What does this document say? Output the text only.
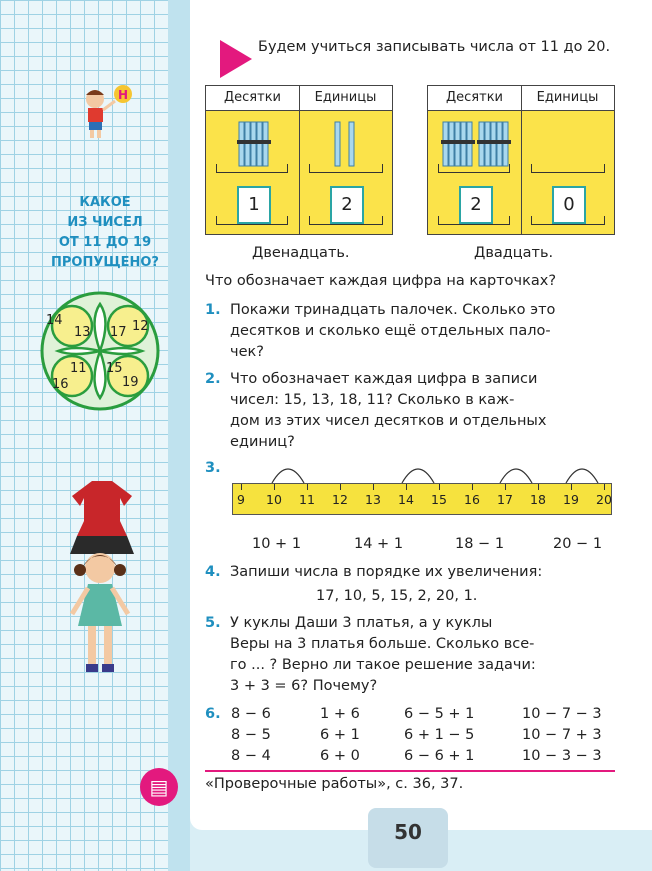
50
Н
КАКОЕ
ИЗ ЧИСЕЛ
ОТ 11 ДО 19
ПРОПУЩЕНО?
14
13 17 12
11 15
16	19
▤
Будем учиться записывать числа от 11 до 20.
Десятки	Единицы
1	2
Двенадцать.
Десятки	Единицы
2	0
Двадцать.
Что обозначает каждая цифра на карточках?
1. Покажи тринадцать палочек. Сколько это
десятков и сколько ещё отдельных пало-
чек?
2. Что обозначает каждая цифра в записи
чисел: 15, 13, 18, 11? Сколько в каж-
дом из этих чисел десятков и отдельных
единиц?
3.
9	10	11	12	13	14	15	16	17	18	19	20
10 + 1	14 + 1	18 − 1	20 − 1
4. Запиши числа в порядке их увеличения:
17, 10, 5, 15, 2, 20, 1.
5. У куклы Даши 3 платья, а у куклы
Веры на 3 платья больше. Сколько все-
го ... ? Верно ли такое решение задачи:
3 + 3 = 6? Почему?
6. 8 − 6	1 + 6	6 − 5 + 1	10 − 7 − 3
8 − 5	6 + 1	6 + 1 − 5	10 − 7 + 3
8 − 4	6 + 0	6 − 6 + 1	10 − 3 − 3
«Проверочные работы», с. 36, 37.
